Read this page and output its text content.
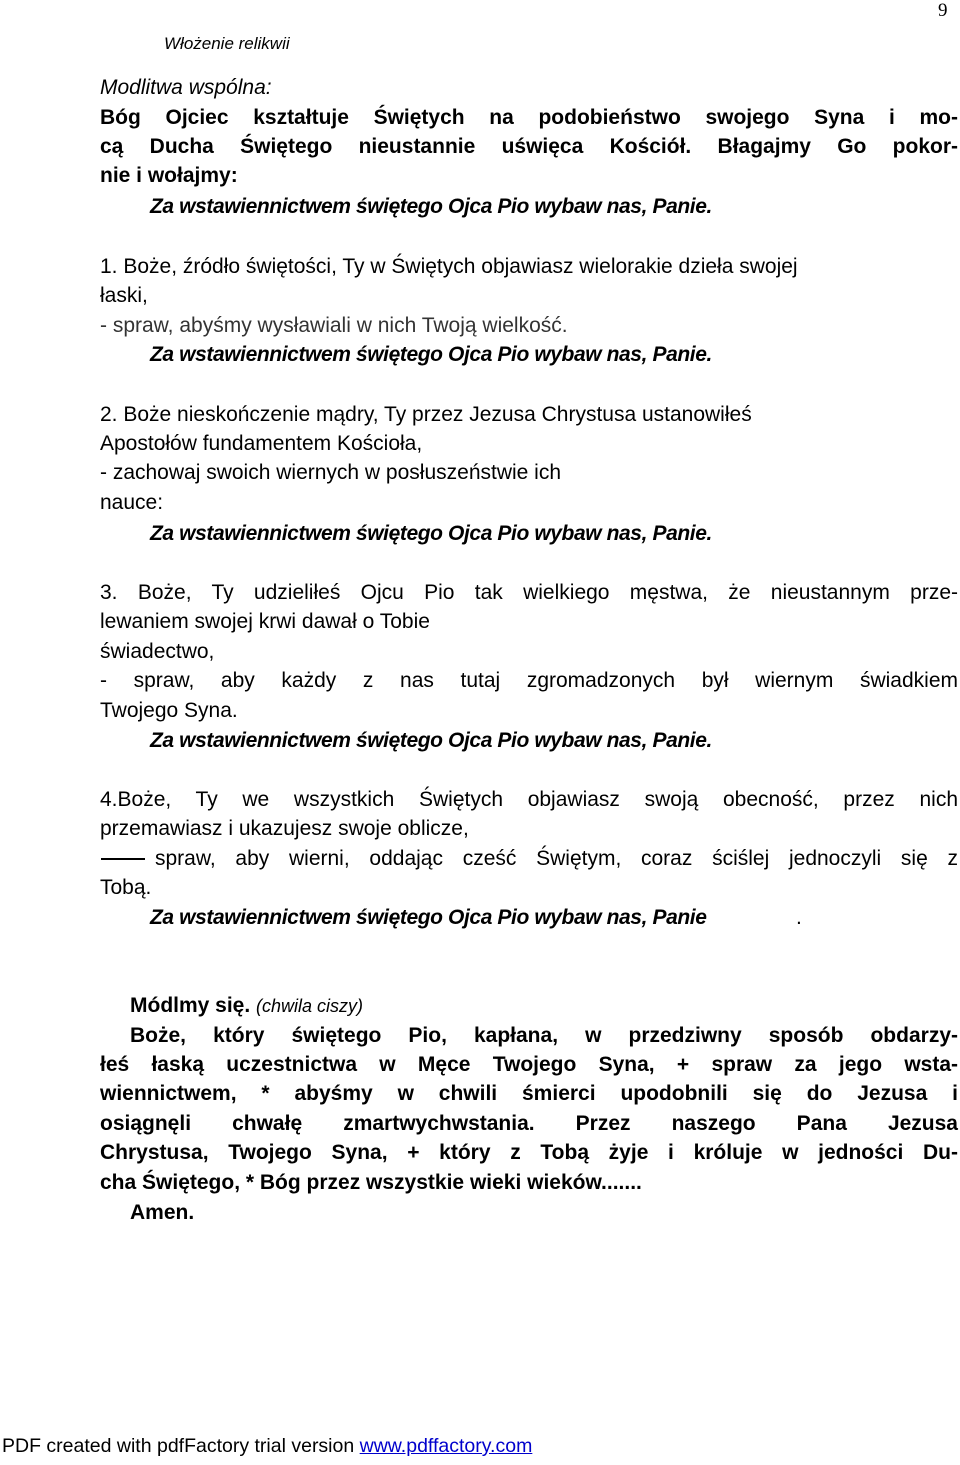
9
Włożenie relikwii
Modlitwa wspólna:
Bóg Ojciec kształtuje Świętych na podobieństwo swojego Syna i mo-
cą Ducha Świętego nieustannie uświęca Kościół. Błagajmy Go pokor-
nie i wołajmy:
Za wstawiennictwem świętego Ojca Pio wybaw nas, Panie.
1. Boże, źródło świętości, Ty w Świętych objawiasz wielorakie dzieła swojej
łaski,
- spraw, abyśmy wysławiali w nich Twoją wielkość.
Za wstawiennictwem świętego Ojca Pio wybaw nas, Panie.
2. Boże nieskończenie mądry, Ty przez Jezusa Chrystusa ustanowiłeś
Apostołów fundamentem Kościoła,
- zachowaj swoich wiernych w posłuszeństwie ich
nauce:
Za wstawiennictwem świętego Ojca Pio wybaw nas, Panie.
3. Boże, Ty udzieliłeś Ojcu Pio tak wielkiego męstwa, że nieustannym prze-
lewaniem swojej krwi dawał o Tobie
świadectwo,
- spraw, aby każdy z nas tutaj zgromadzonych był wiernym świadkiem
Twojego Syna.
Za wstawiennictwem świętego Ojca Pio wybaw nas, Panie.
4.Boże, Ty we wszystkich Świętych objawiasz swoją obecność, przez nich
przemawiasz i ukazujesz swoje oblicze,
spraw, aby wierni, oddając cześć Świętym, coraz ściślej jednoczyli się z
Tobą.
Za wstawiennictwem świętego Ojca Pio wybaw nas, Panie	.
Módlmy się. (chwila ciszy)
Boże, który świętego Pio, kapłana, w przedziwny sposób obdarzy-
łeś łaską uczestnictwa w Męce Twojego Syna, + spraw za jego wsta-
wiennictwem, * abyśmy w chwili śmierci upodobnili się do Jezusa i
osiągnęli chwałę zmartwychwstania. Przez naszego Pana Jezusa
Chrystusa, Twojego Syna, + który z Tobą żyje i króluje w jedności Du-
cha Świętego, * Bóg przez wszystkie wieki wieków.......
Amen.
PDF created with pdfFactory trial version www.pdffactory.com
